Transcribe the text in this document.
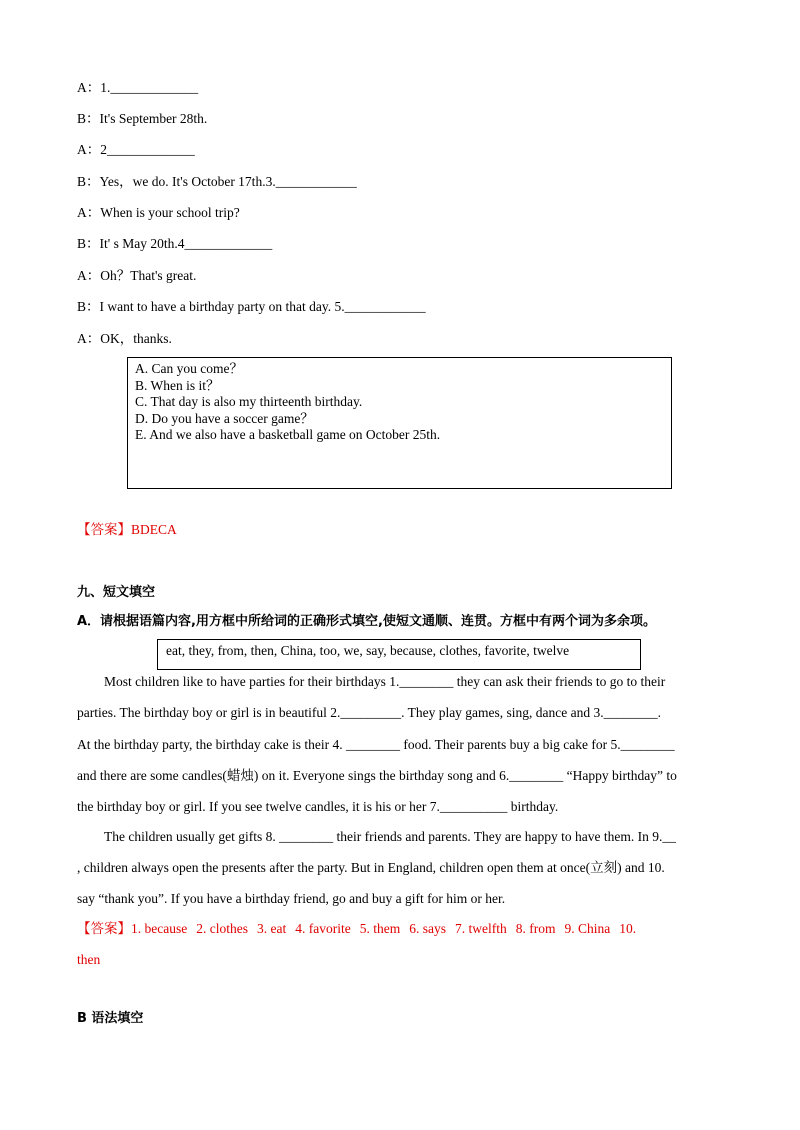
A：1._____________
B：It's September 28th.
A：2_____________
B：Yes，we do. It's October 17th.3.____________
A：When is your school trip?
B：It' s May 20th.4_____________
A：Oh？That's great.
B：I want to have a birthday party on that day. 5.____________
A：OK，thanks.
A. Can you come？
B. When is it？
C. That day is also my thirteenth birthday.
D. Do you have a soccer game？
E. And we also have a basketball game on October 25th.
【答案】BDECA
九、短文填空
A．请根据语篇内容,用方框中所给词的正确形式填空,使短文通顺、连贯。方框中有两个词为多余项。
eat, they, from, then, China, too, we, say, because, clothes, favorite, twelve
Most children like to have parties for their birthdays 1.________ they can ask their friends to go to their
parties. The birthday boy or girl is in beautiful 2._________. They play games, sing, dance and 3.________.
At the birthday party, the birthday cake is their 4. ________ food. Their parents buy a big cake for 5.________
and there are some candles(蜡烛) on it. Everyone sings the birthday song and 6.________ “Happy birthday” to
the birthday boy or girl. If you see twelve candles, it is his or her 7.__________ birthday.
The children usually get gifts 8. ________ their friends and parents. They are happy to have them. In 9.__
, children always open the presents after the party. But in England, children open them at once(立刻) and 10.
say “thank you”. If you have a birthday friend, go and buy a gift for him or her.
【答案】1. because 2. clothes 3. eat 4. favorite 5. them 6. says 7. twelfth 8. from 9. China 10.
then
B 语法填空
